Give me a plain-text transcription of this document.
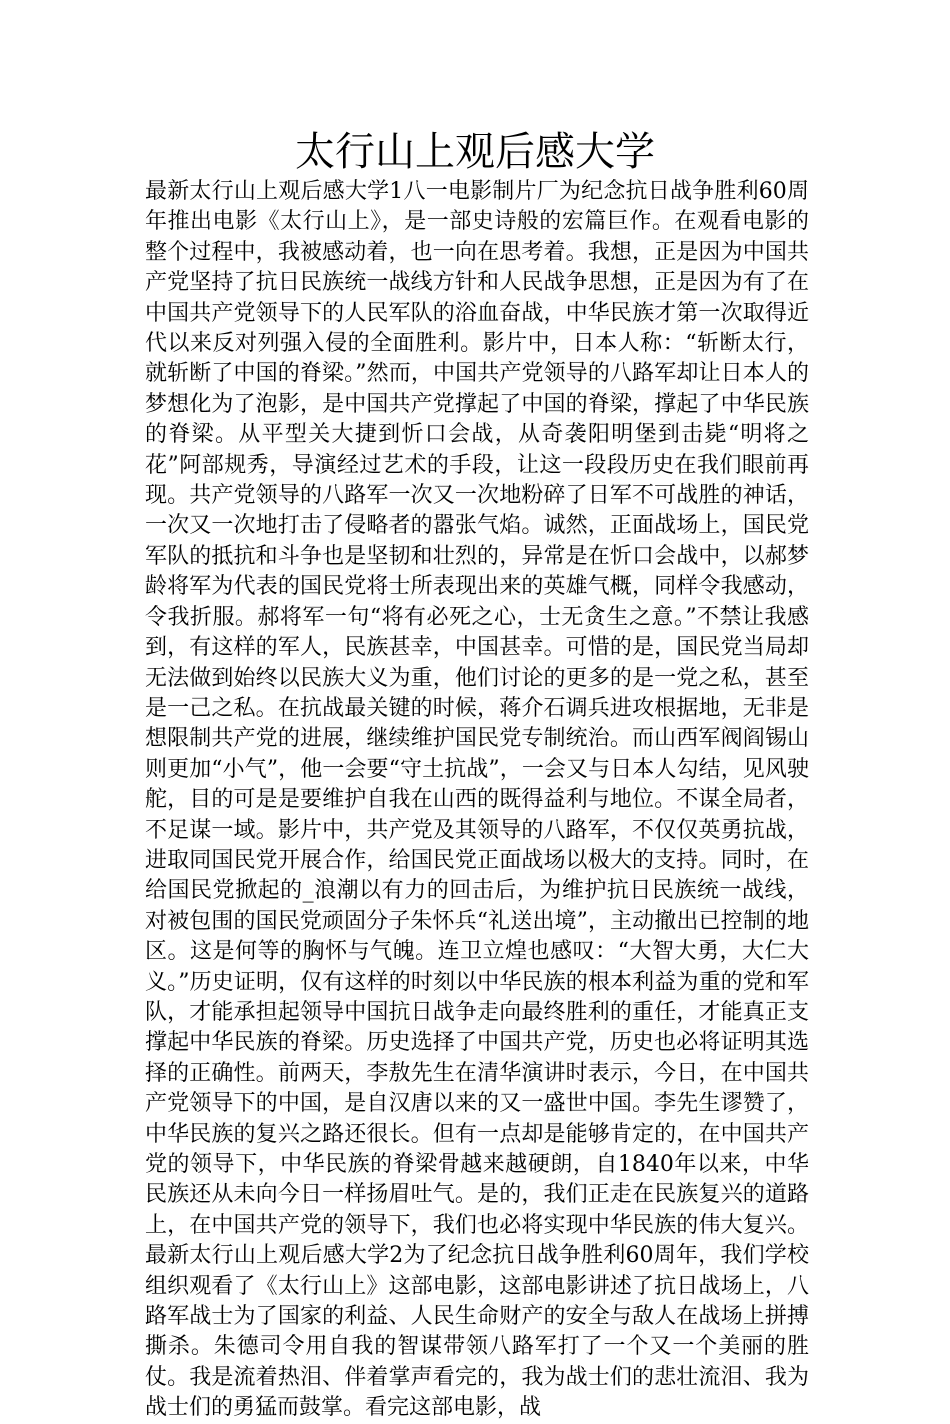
太行山上观后感大学

最新太行山上观后感大学1八一电影制片厂为纪念抗日战争胜利60周年推出电影《太行山上》，是一部史诗般的宏篇巨作。在观看电影的整个过程中，我被感动着，也一向在思考着。我想，正是因为中国共产党坚持了抗日民族统一战线方针和人民战争思想，正是因为有了在中国共产党领导下的人民军队的浴血奋战，中华民族才第一次取得近代以来反对列强入侵的全面胜利。影片中，日本人称：“斩断太行，就斩断了中国的脊梁。”然而，中国共产党领导的八路军却让日本人的梦想化为了泡影，是中国共产党撑起了中国的脊梁，撑起了中华民族的脊梁。从平型关大捷到忻口会战，从奇袭阳明堡到击毙“明将之花”阿部规秀，导演经过艺术的手段，让这一段段历史在我们眼前再现。共产党领导的八路军一次又一次地粉碎了日军不可战胜的神话，一次又一次地打击了侵略者的嚣张气焰。诚然，正面战场上，国民党军队的抵抗和斗争也是坚韧和壮烈的，异常是在忻口会战中，以郝梦龄将军为代表的国民党将士所表现出来的英雄气概，同样令我感动，令我折服。郝将军一句“将有必死之心，士无贪生之意。”不禁让我感到，有这样的军人，民族甚幸，中国甚幸。可惜的是，国民党当局却无法做到始终以民族大义为重，他们讨论的更多的是一党之私，甚至是一己之私。在抗战最关键的时候，蒋介石调兵进攻根据地，无非是想限制共产党的进展，继续维护国民党专制统治。而山西军阀阎锡山则更加“小气”，他一会要“守土抗战”，一会又与日本人勾结，见风驶舵，目的可是是要维护自我在山西的既得益利与地位。不谋全局者，不足谋一域。影片中，共产党及其领导的八路军，不仅仅英勇抗战，进取同国民党开展合作，给国民党正面战场以极大的支持。同时，在给国民党掀起的_浪潮以有力的回击后，为维护抗日民族统一战线，对被包围的国民党顽固分子朱怀兵“礼送出境”，主动撤出已控制的地区。这是何等的胸怀与气魄。连卫立煌也感叹：“大智大勇，大仁大义。”历史证明，仅有这样的时刻以中华民族的根本利益为重的党和军队，才能承担起领导中国抗日战争走向最终胜利的重任，才能真正支撑起中华民族的脊梁。历史选择了中国共产党，历史也必将证明其选择的正确性。前两天，李敖先生在清华演讲时表示，今日，在中国共产党领导下的中国，是自汉唐以来的又一盛世中国。李先生谬赞了，中华民族的复兴之路还很长。但有一点却是能够肯定的，在中国共产党的领导下，中华民族的脊梁骨越来越硬朗，自1840年以来，中华民族还从未向今日一样扬眉吐气。是的，我们正走在民族复兴的道路上，在中国共产党的领导下，我们也必将实现中华民族的伟大复兴。最新太行山上观后感大学2为了纪念抗日战争胜利60周年，我们学校组织观看了《太行山上》这部电影，这部电影讲述了抗日战场上，八路军战士为了国家的利益、人民生命财产的安全与敌人在战场上拼搏撕杀。朱德司令用自我的智谋带领八路军打了一个又一个美丽的胜仗。我是流着热泪、伴着掌声看完的，我为战士们的悲壮流泪、我为战士们的勇猛而鼓掌。看完这部电影，战
